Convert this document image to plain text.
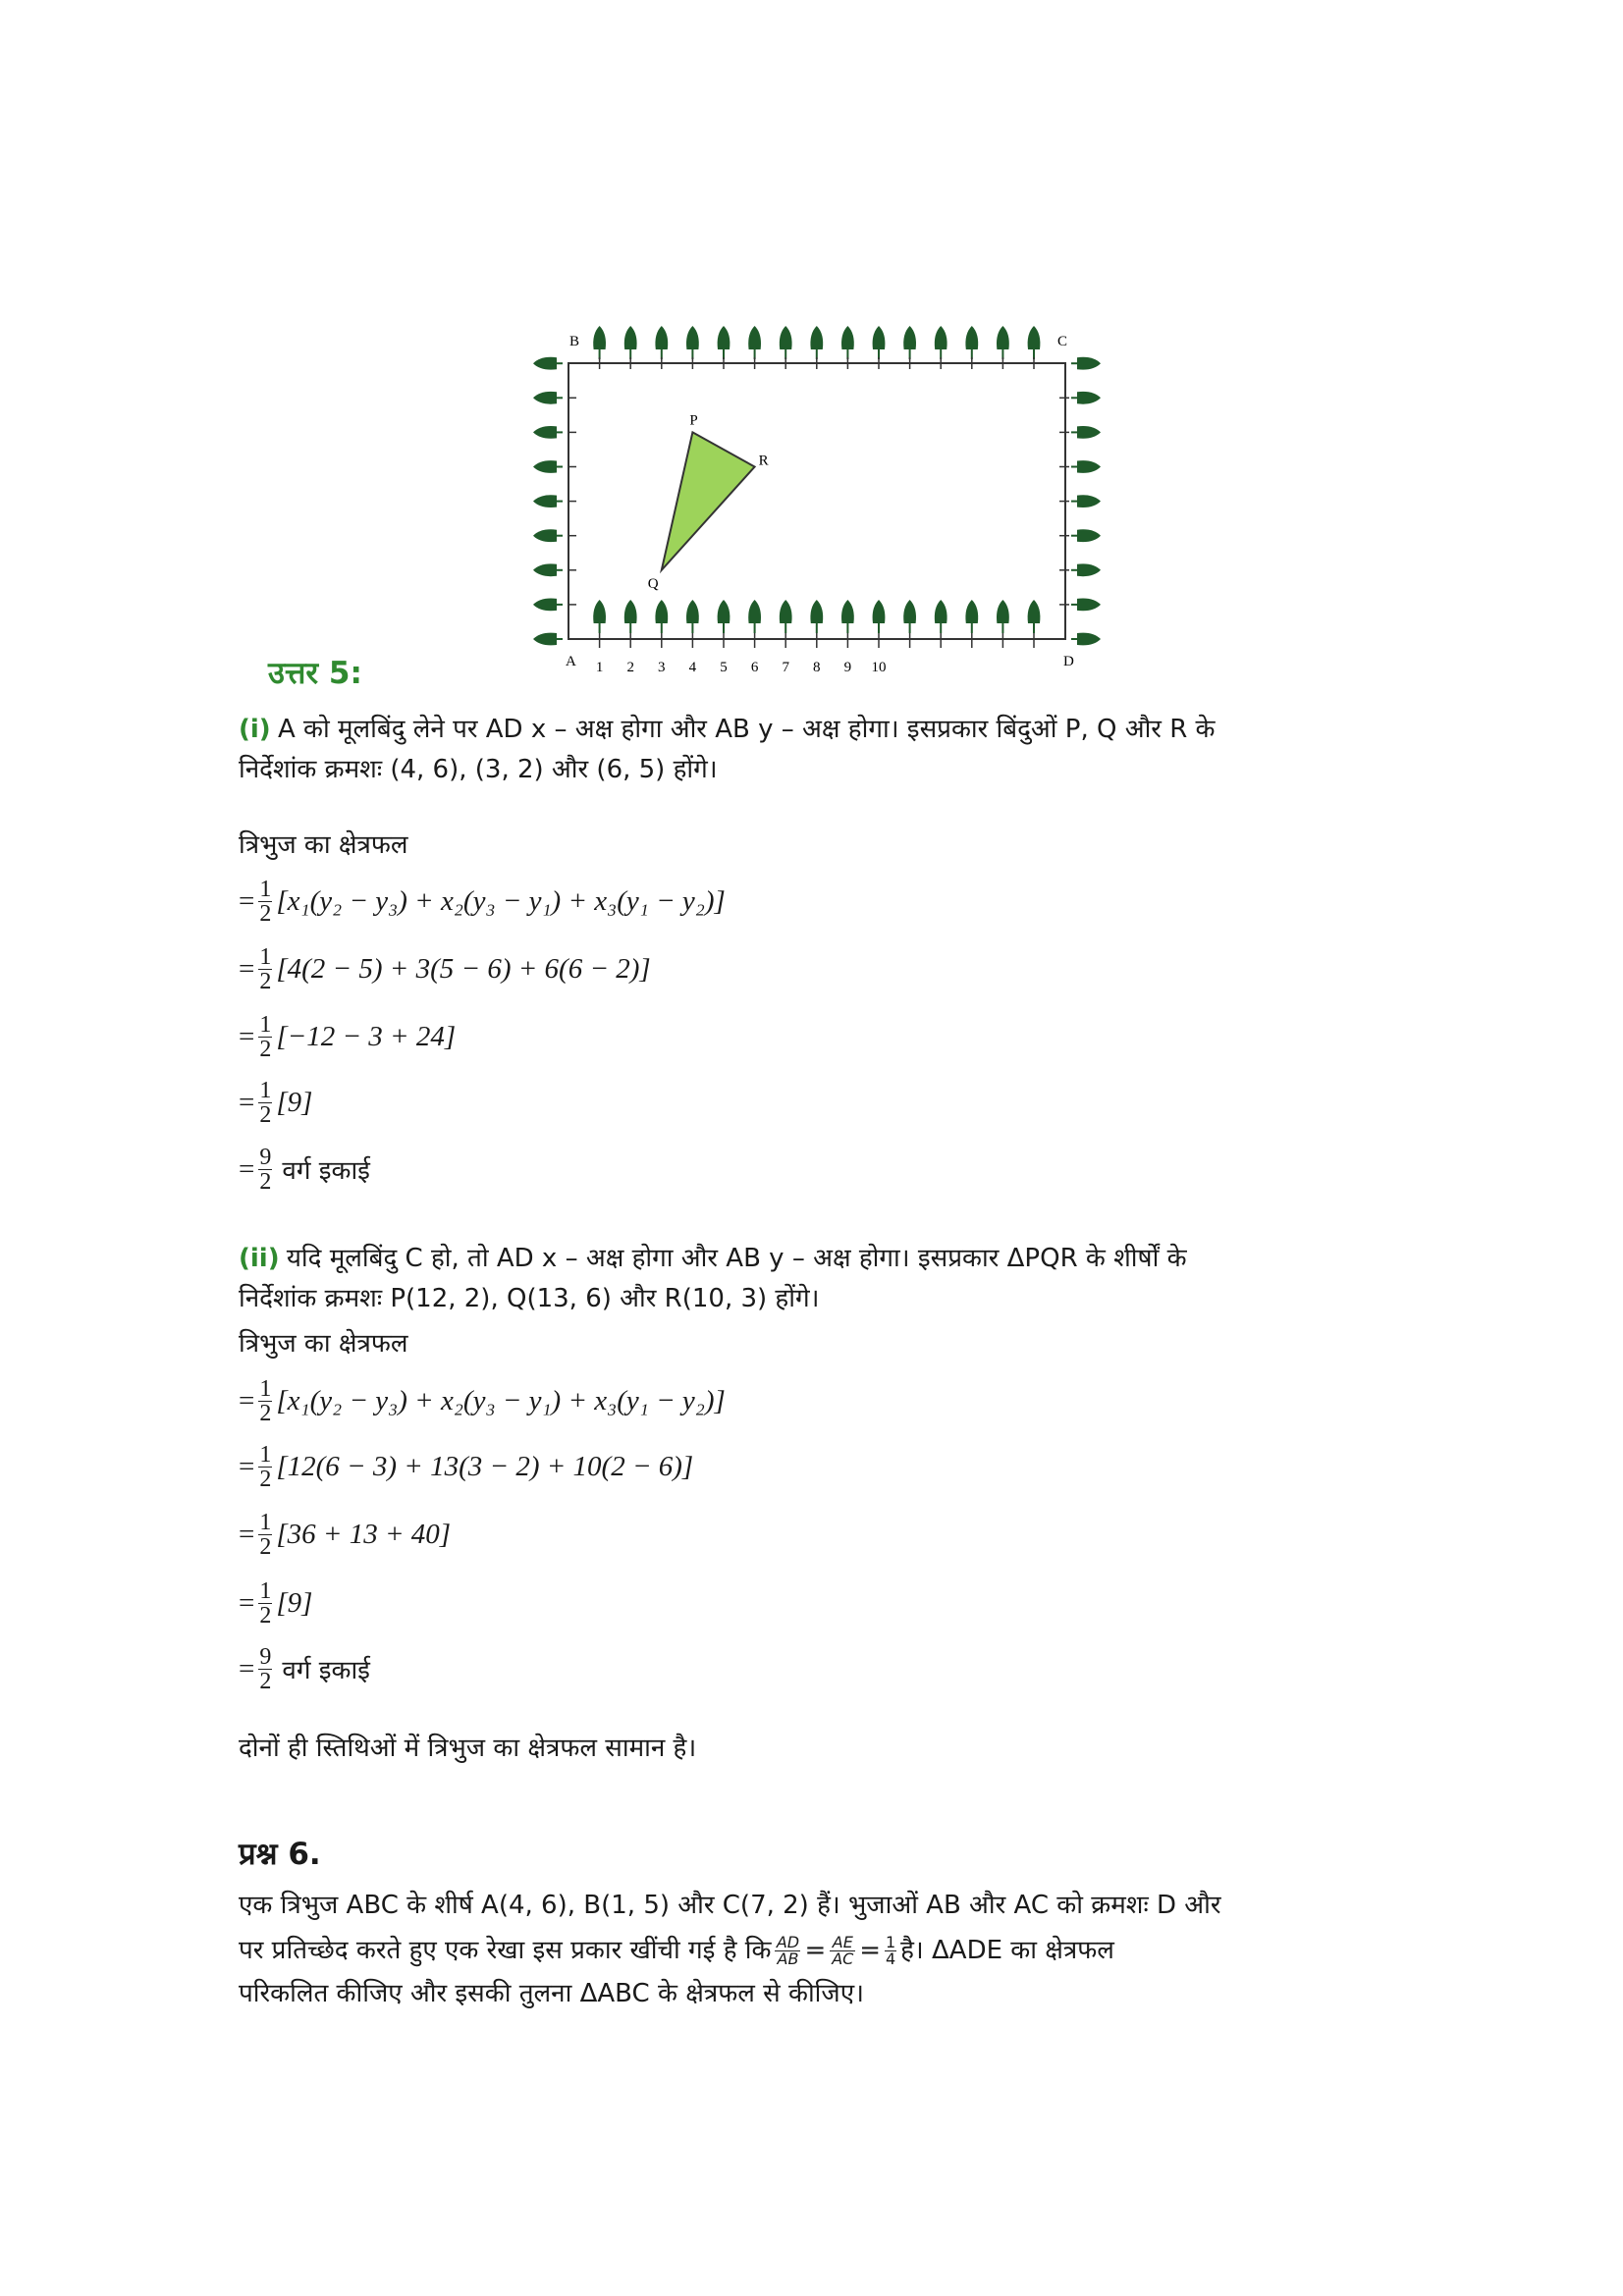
B	C
A	D
P
Q
R
1 2 3 4 5 6 7 8 9 10
उत्तर 5:
(i) A को मूलबिंदु लेने पर AD x – अक्ष होगा और AB y – अक्ष होगा। इसप्रकार बिंदुओं P, Q और R के
निर्देशांक क्रमशः (4, 6), (3, 2) और (6, 5) होंगे।
त्रिभुज का क्षेत्रफल
= $\frac{1}{2} [x_1(y_2 - y_3) + x_2(y_3 - y_1) + x_3(y_1 - y_2)]$
= $\frac{1}{2} [4(2 - 5) + 3(5 - 6) + 6(6 - 2)]$
= $\frac{1}{2} [-12 - 3 + 24]$
= $\frac{1}{2} [9]$
= $\frac{9}{2}$ वर्ग इकाई
(ii) यदि मूलबिंदु C हो, तो AD x – अक्ष होगा और AB y – अक्ष होगा। इसप्रकार ΔPQR के शीर्षों के
निर्देशांक क्रमशः P(12, 2), Q(13, 6) और R(10, 3) होंगे।
त्रिभुज का क्षेत्रफल
= $\frac{1}{2} [x_1(y_2 - y_3) + x_2(y_3 - y_1) + x_3(y_1 - y_2)]$
= $\frac{1}{2} [12(6 - 3) + 13(3 - 2) + 10(2 - 6)]$
= $\frac{1}{2} [36 + 13 + 40]$
= $\frac{1}{2} [9]$
= $\frac{9}{2}$ वर्ग इकाई
दोनों ही स्तिथिओं में त्रिभुज का क्षेत्रफल सामान है।
प्रश्न 6.
एक त्रिभुज ABC के शीर्ष A(4, 6), B(1, 5) और C(7, 2) हैं। भुजाओं AB और AC को क्रमशः D और
पर प्रतिच्छेद करते हुए एक रेखा इस प्रकार खींची गई है कि $\frac{AD}{AB} = \frac{AE}{AC} = \frac{1}{4}$ है। ΔADE का क्षेत्रफल
परिकलित कीजिए और इसकी तुलना ΔABC के क्षेत्रफल से कीजिए।
